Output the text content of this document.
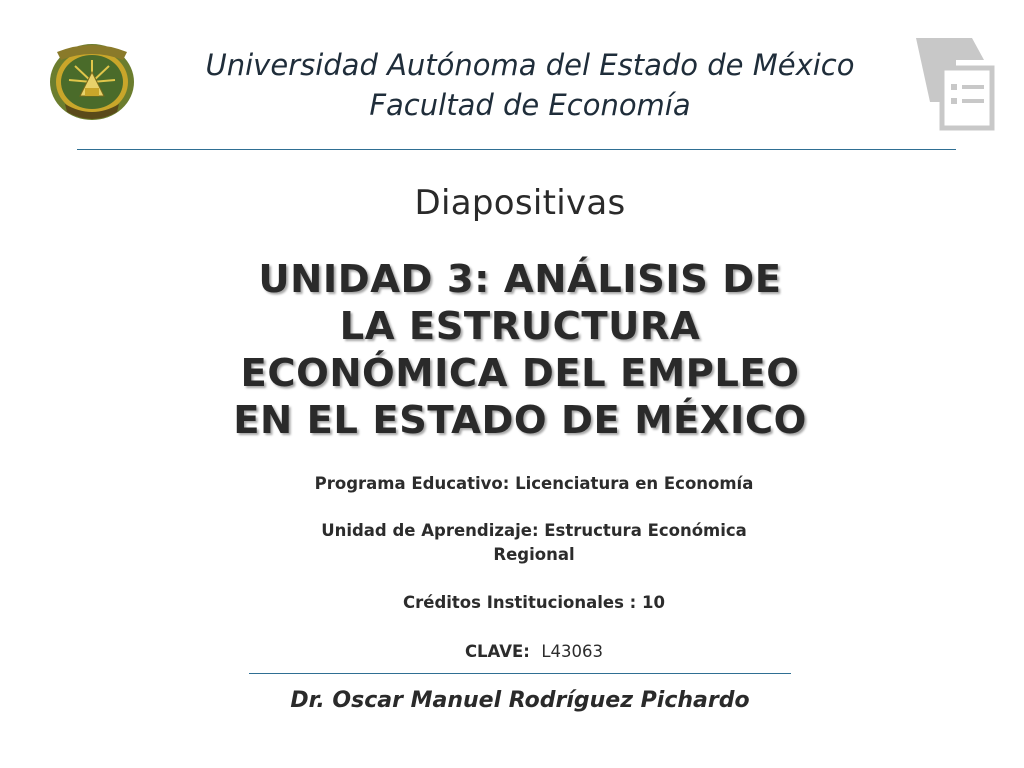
Universidad Autónoma del Estado de México
Facultad de Economía
Diapositivas
UNIDAD 3: ANÁLISIS DE
LA ESTRUCTURA
ECONÓMICA DEL EMPLEO
EN EL ESTADO DE MÉXICO
Programa Educativo: Licenciatura en Economía
Unidad de Aprendizaje: Estructura Económica
Regional
Créditos Institucionales : 10
CLAVE: L43063
Dr. Oscar Manuel Rodríguez Pichardo
